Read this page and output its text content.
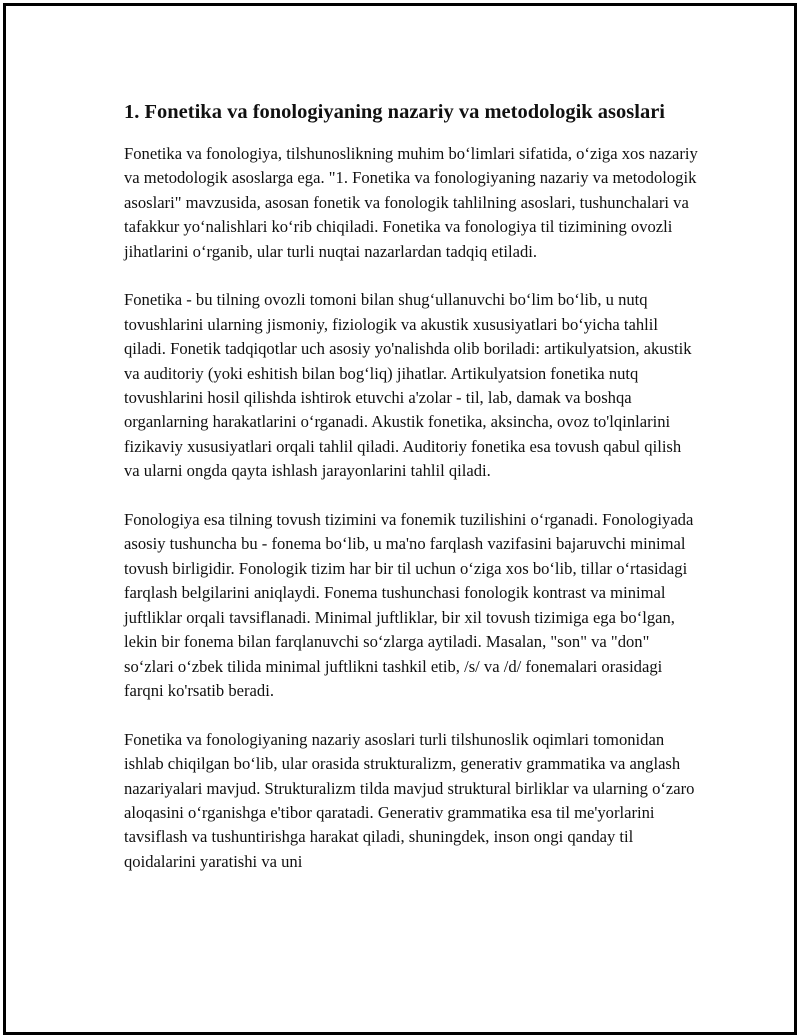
1. Fonetika va fonologiyaning nazariy va metodologik asoslari

Fonetika va fonologiya, tilshunoslikning muhim bo‘limlari sifatida, o‘ziga xos nazariy va metodologik asoslarga ega. "1. Fonetika va fonologiyaning nazariy va metodologik asoslari" mavzusida, asosan fonetik va fonologik tahlilning asoslari, tushunchalari va tafakkur yo‘nalishlari ko‘rib chiqiladi. Fonetika va fonologiya til tizimining ovozli jihatlarini o‘rganib, ular turli nuqtai nazarlardan tadqiq etiladi.

Fonetika - bu tilning ovozli tomoni bilan shug‘ullanuvchi bo‘lim bo‘lib, u nutq tovushlarini ularning jismoniy, fiziologik va akustik xususiyatlari bo‘yicha tahlil qiladi. Fonetik tadqiqotlar uch asosiy yo'nalishda olib boriladi: artikulyatsion, akustik va auditoriy (yoki eshitish bilan bog‘liq) jihatlar. Artikulyatsion fonetika nutq tovushlarini hosil qilishda ishtirok etuvchi a'zolar - til, lab, damak va boshqa organlarning harakatlarini o‘rganadi. Akustik fonetika, aksincha, ovoz to'lqinlarini fizikaviy xususiyatlari orqali tahlil qiladi. Auditoriy fonetika esa tovush qabul qilish va ularni ongda qayta ishlash jarayonlarini tahlil qiladi.

Fonologiya esa tilning tovush tizimini va fonemik tuzilishini o‘rganadi. Fonologiyada asosiy tushuncha bu - fonema bo‘lib, u ma'no farqlash vazifasini bajaruvchi minimal tovush birligidir. Fonologik tizim har bir til uchun o‘ziga xos bo‘lib, tillar o‘rtasidagi farqlash belgilarini aniqlaydi. Fonema tushunchasi fonologik kontrast va minimal juftliklar orqali tavsiflanadi. Minimal juftliklar, bir xil tovush tizimiga ega bo‘lgan, lekin bir fonema bilan farqlanuvchi so‘zlarga aytiladi. Masalan, "son" va "don" so‘zlari o‘zbek tilida minimal juftlikni tashkil etib, /s/ va /d/ fonemalari orasidagi farqni ko'rsatib beradi.

Fonetika va fonologiyaning nazariy asoslari turli tilshunoslik oqimlari tomonidan ishlab chiqilgan bo‘lib, ular orasida strukturalizm, generativ grammatika va anglash nazariyalari mavjud. Strukturalizm tilda mavjud struktural birliklar va ularning o‘zaro aloqasini o‘rganishga e'tibor qaratadi. Generativ grammatika esa til me'yorlarini tavsiflash va tushuntirishga harakat qiladi, shuningdek, inson ongi qanday til qoidalarini yaratishi va uni
